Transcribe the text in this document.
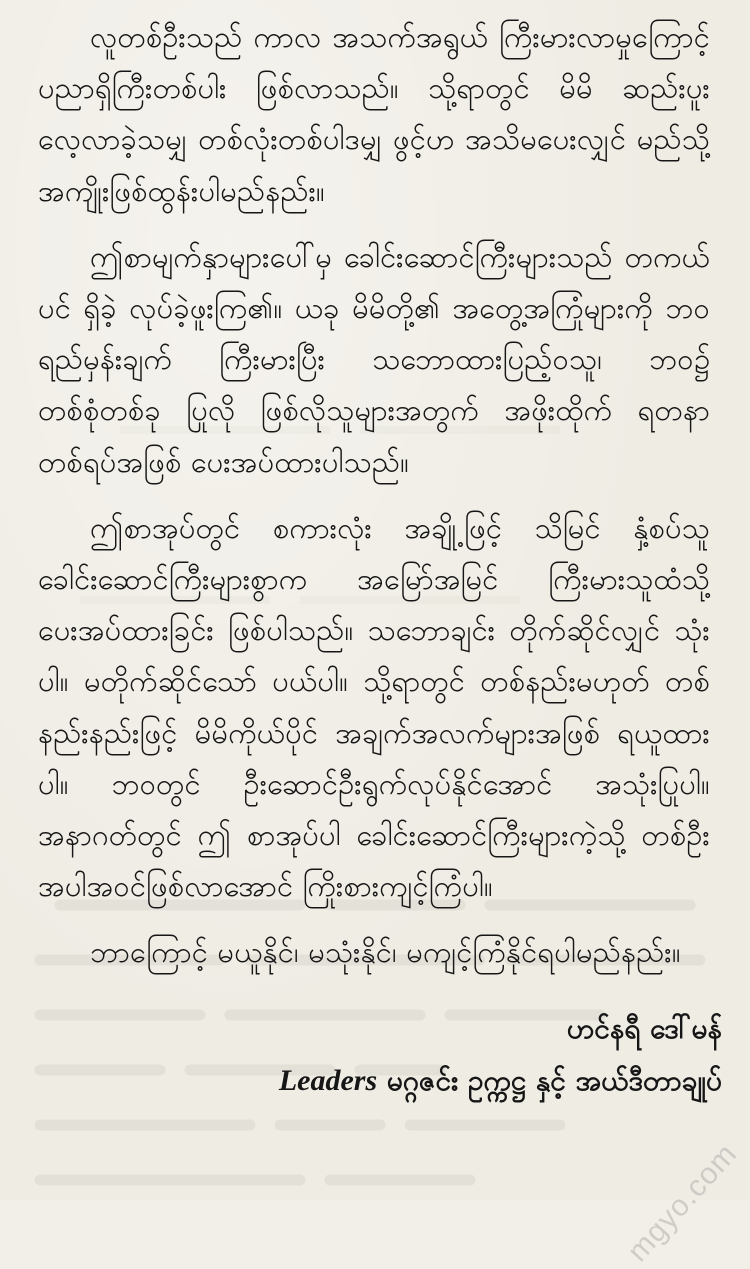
လူတစ်ဦးသည် ကာလ အသက်အရွယ် ကြီးမားလာမှုကြောင့် ပညာရှိကြီးတစ်ပါး ဖြစ်လာသည်။ သို့ရာတွင် မိမိ ဆည်းပူး လေ့လာခဲ့သမျှ တစ်လုံးတစ်ပါဒမျှ ဖွင့်ဟ အသိမပေးလျှင် မည်သို့ အကျိုးဖြစ်ထွန်းပါမည်နည်း။

ဤစာမျက်နှာများပေါ်မှ ခေါင်းဆောင်ကြီးများသည် တကယ်ပင် ရှိခဲ့ လုပ်ခဲ့ဖူးကြ၏။ ယခု မိမိတို့၏ အတွေ့အကြုံများကို ဘဝရည်မှန်းချက် ကြီးမားပြီး သဘောထားပြည့်ဝသူ၊ ဘဝ၌ တစ်စုံတစ်ခု ပြုလို ဖြစ်လိုသူများအတွက် အဖိုးထိုက် ရတနာတစ်ရပ်အဖြစ် ပေးအပ်ထားပါသည်။

ဤစာအုပ်တွင် စကားလုံး အချို့ဖြင့် သိမြင် နှံ့စပ်သူ ခေါင်းဆောင်ကြီးများစွာက အမြော်အမြင် ကြီးမားသူထံသို့ ပေးအပ်ထားခြင်း ဖြစ်ပါသည်။ သဘောချင်း တိုက်ဆိုင်လျှင် သုံးပါ။ မတိုက်ဆိုင်သော် ပယ်ပါ။ သို့ရာတွင် တစ်နည်းမဟုတ် တစ်နည်းနည်းဖြင့် မိမိကိုယ်ပိုင် အချက်အလက်များအဖြစ် ရယူထားပါ။ ဘဝတွင် ဦးဆောင်ဦးရွက်လုပ်နိုင်အောင် အသုံးပြုပါ။ အနာဂတ်တွင် ဤ စာအုပ်ပါ ခေါင်းဆောင်ကြီးများကဲ့သို့ တစ်ဦးအပါအဝင်ဖြစ်လာအောင် ကြိုးစားကျင့်ကြံပါ။

ဘာကြောင့် မယူနိုင်၊ မသုံးနိုင်၊ မကျင့်ကြံနိုင်ရပါမည်နည်း။

ဟင်နရီ ဒေါ်မန်
Leaders မဂ္ဂဇင်း ဥက္ကဋ္ဌ နှင့် အယ်ဒီတာချုပ်
mgyo.com
